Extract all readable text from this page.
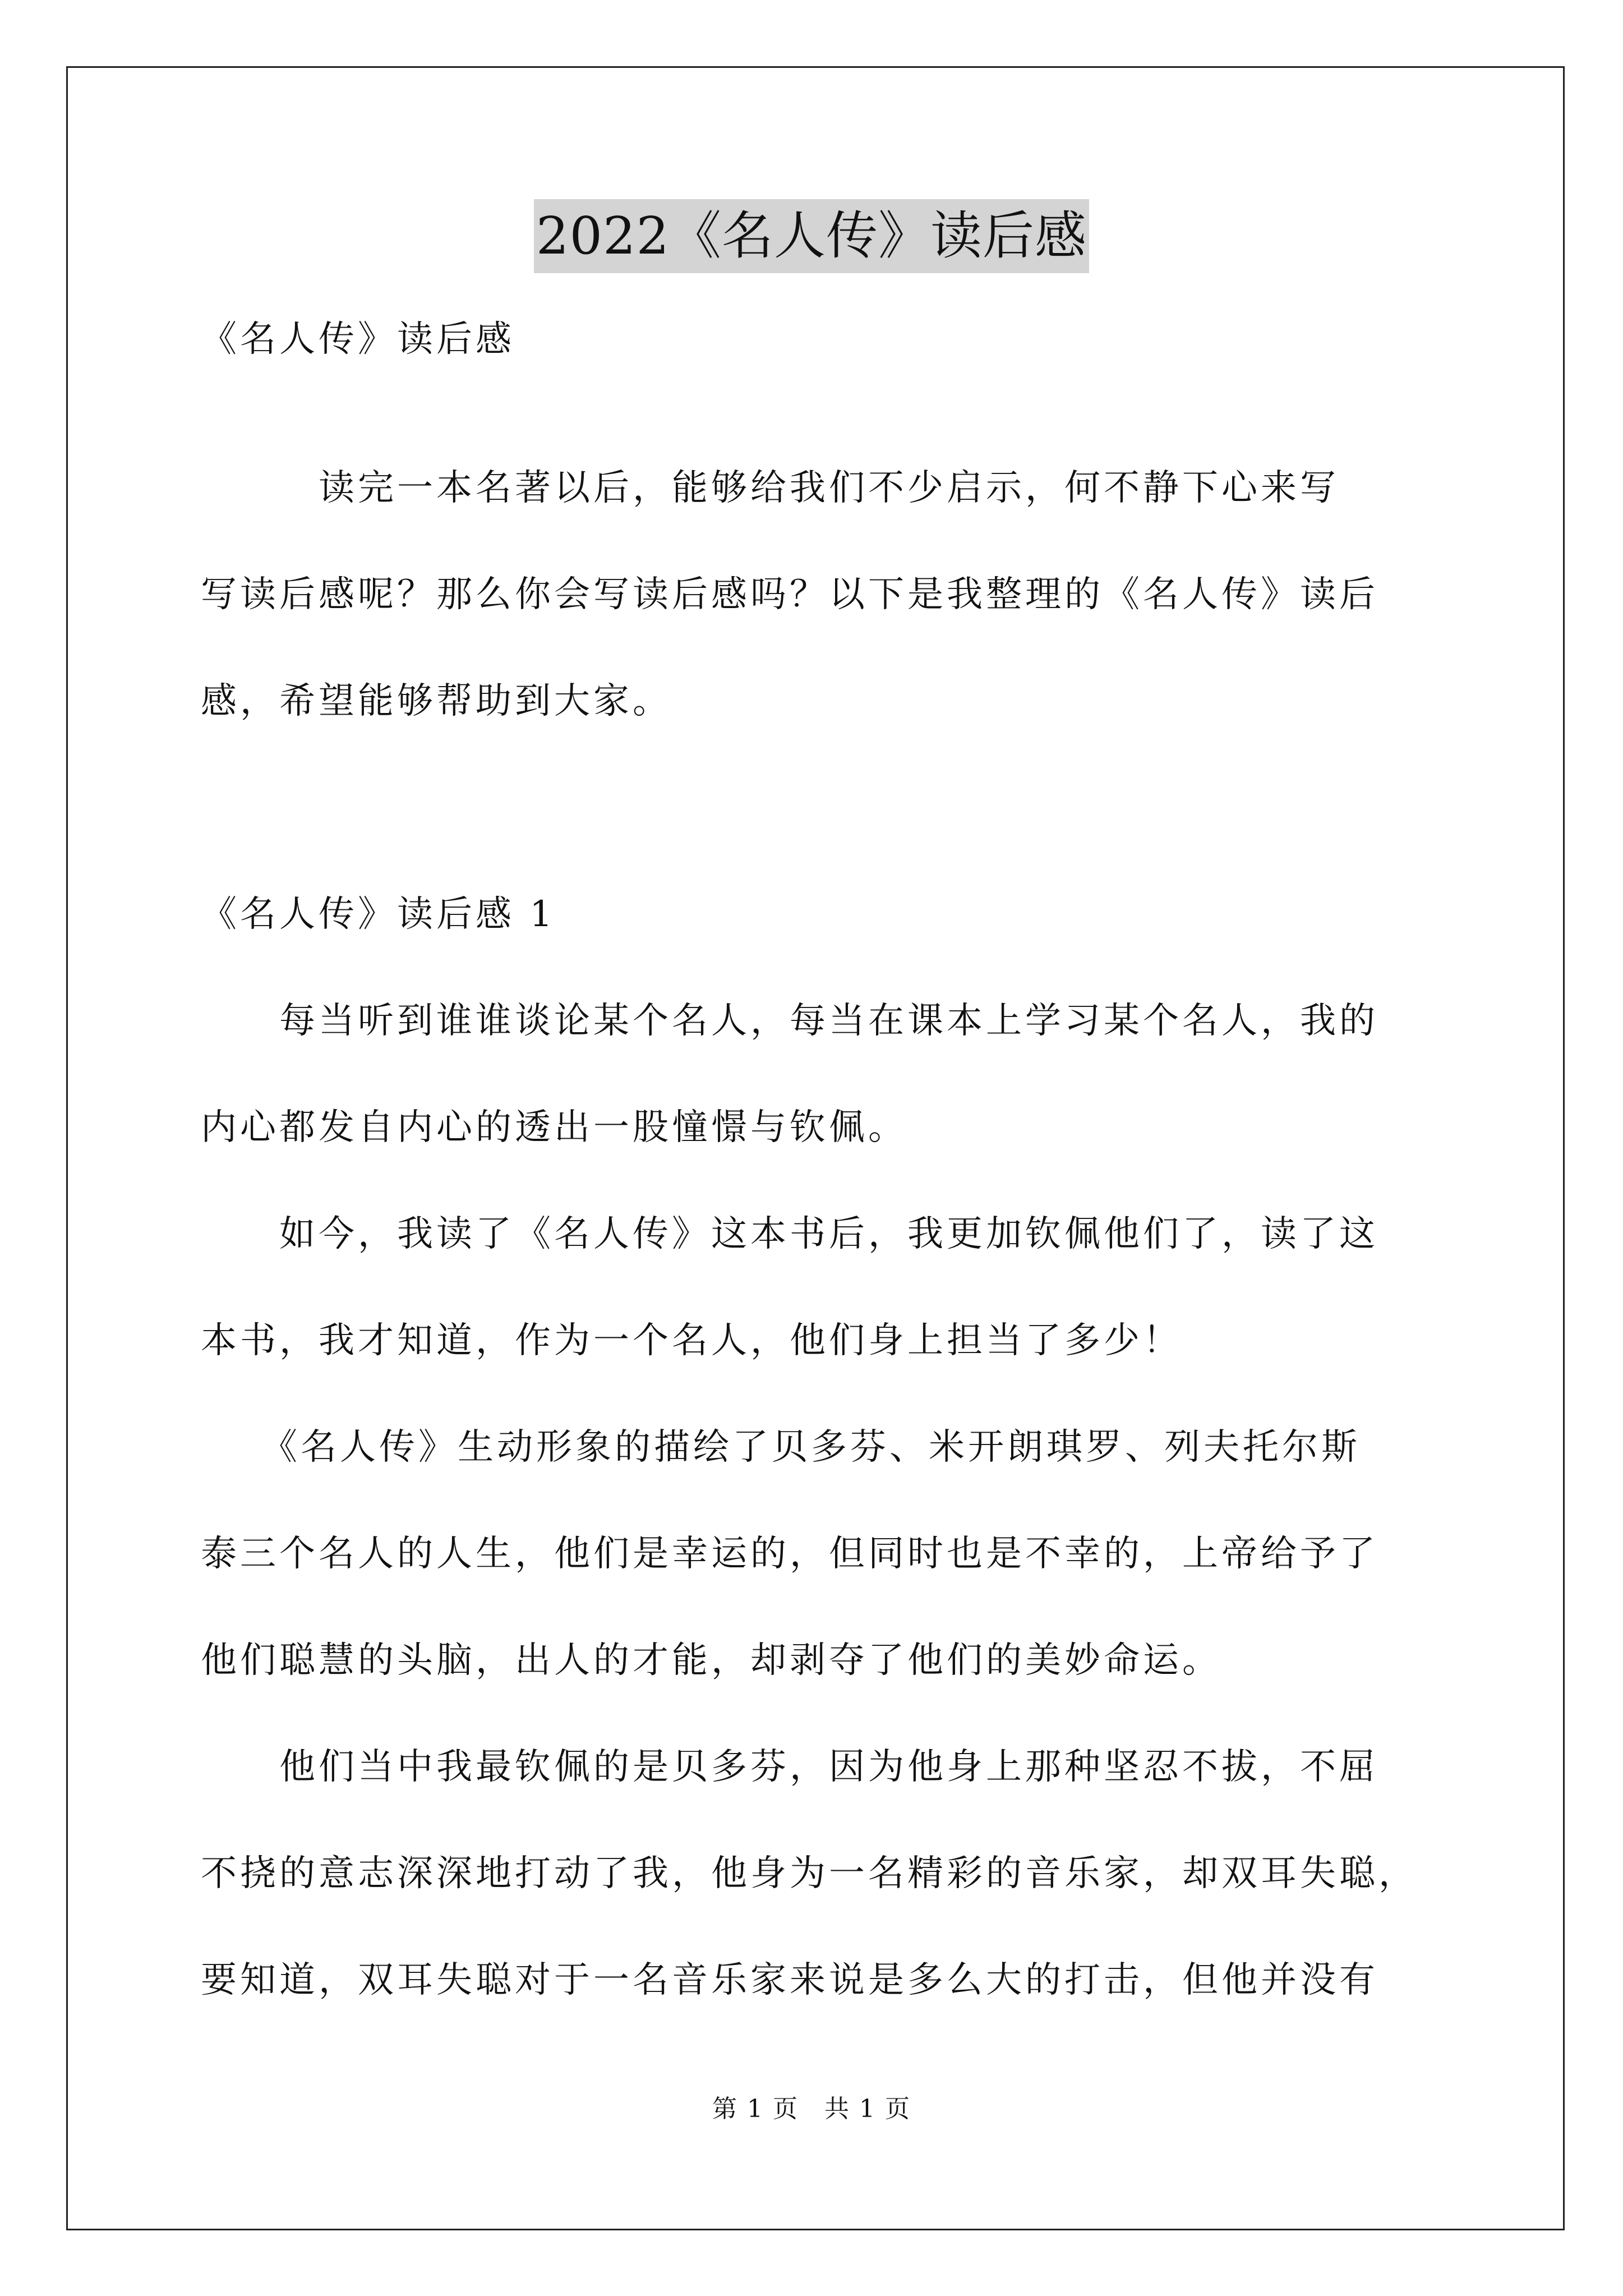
2022《名人传》读后感
《名人传》读后感
　　　读完一本名著以后，能够给我们不少启示，何不静下心来写
写读后感呢？那么你会写读后感吗？以下是我整理的《名人传》读后
感，希望能够帮助到大家。
《名人传》读后感 1
　　每当听到谁谁谈论某个名人，每当在课本上学习某个名人，我的
内心都发自内心的透出一股憧憬与钦佩。
　　如今，我读了《名人传》这本书后，我更加钦佩他们了，读了这
本书，我才知道，作为一个名人，他们身上担当了多少！
　　《名人传》生动形象的描绘了贝多芬、米开朗琪罗、列夫托尔斯
泰三个名人的人生，他们是幸运的，但同时也是不幸的，上帝给予了
他们聪慧的头脑，出人的才能，却剥夺了他们的美妙命运。
　　他们当中我最钦佩的是贝多芬，因为他身上那种坚忍不拔，不屈
不挠的意志深深地打动了我，他身为一名精彩的音乐家，却双耳失聪，
要知道，双耳失聪对于一名音乐家来说是多么大的打击，但他并没有
第 1 页　共 1 页
